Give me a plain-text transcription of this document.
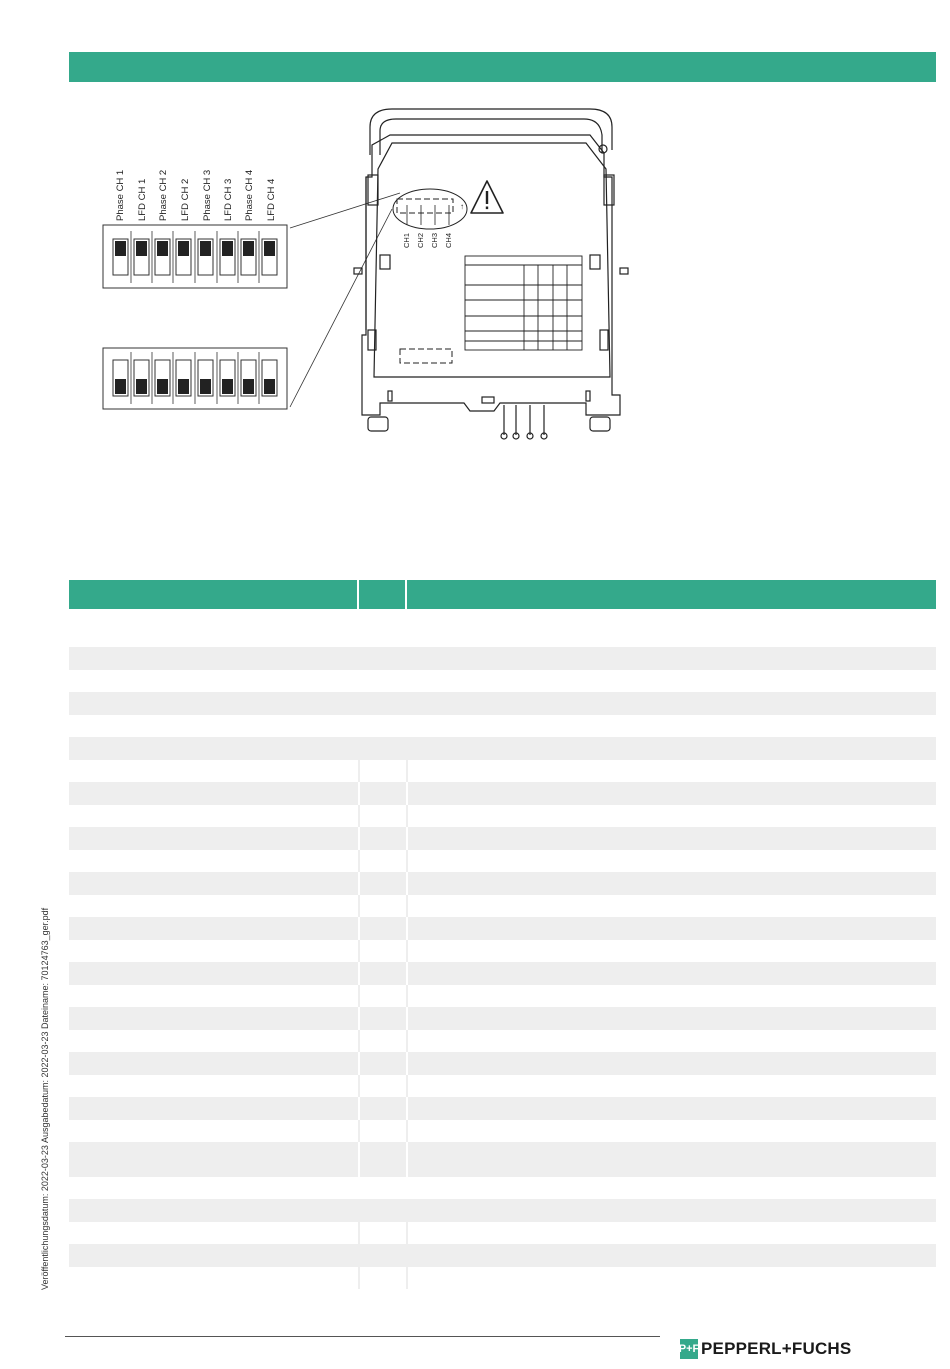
Phase CH 1 LFD CH 1 Phase CH 2 LFD CH 2 Phase CH 3 LFD CH 3 Phase CH 4 LFD CH 4	↑
CH1 CH2 CH3 CH4
Veröffentlichungsdatum: 2022-03-23 Ausgabedatum: 2022-03-23 Dateiname: 70124763_ger.pdf
P+F PEPPERL+FUCHS
